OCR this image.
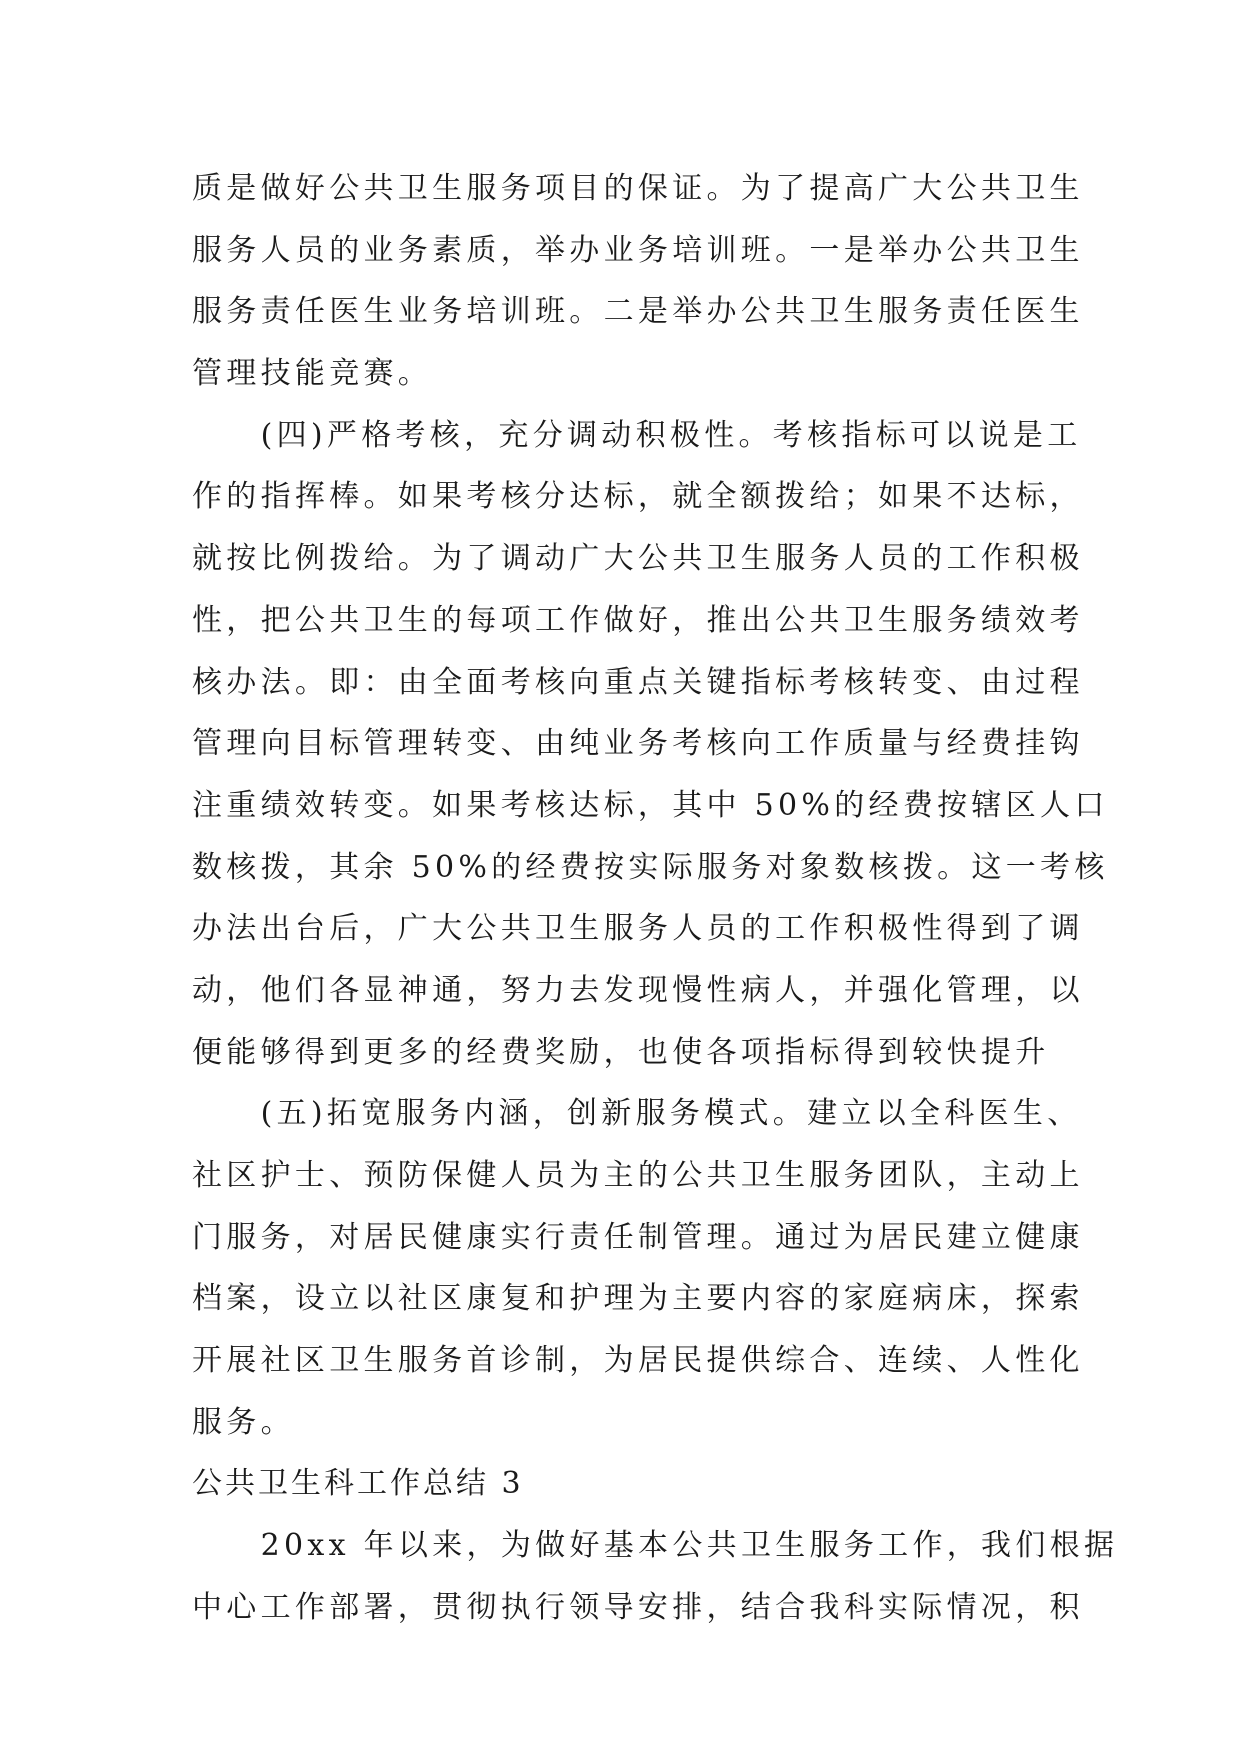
质是做好公共卫生服务项目的保证。为了提高广大公共卫生
服务人员的业务素质，举办业务培训班。一是举办公共卫生
服务责任医生业务培训班。二是举办公共卫生服务责任医生
管理技能竞赛。
　　(四)严格考核，充分调动积极性。考核指标可以说是工
作的指挥棒。如果考核分达标，就全额拨给；如果不达标，
就按比例拨给。为了调动广大公共卫生服务人员的工作积极
性，把公共卫生的每项工作做好，推出公共卫生服务绩效考
核办法。即：由全面考核向重点关键指标考核转变、由过程
管理向目标管理转变、由纯业务考核向工作质量与经费挂钩
注重绩效转变。如果考核达标，其中 50%的经费按辖区人口
数核拨，其余 50%的经费按实际服务对象数核拨。这一考核
办法出台后，广大公共卫生服务人员的工作积极性得到了调
动，他们各显神通，努力去发现慢性病人，并强化管理，以
便能够得到更多的经费奖励，也使各项指标得到较快提升
　　(五)拓宽服务内涵，创新服务模式。建立以全科医生、
社区护士、预防保健人员为主的公共卫生服务团队，主动上
门服务，对居民健康实行责任制管理。通过为居民建立健康
档案，设立以社区康复和护理为主要内容的家庭病床，探索
开展社区卫生服务首诊制，为居民提供综合、连续、人性化
服务。
公共卫生科工作总结 3
　　20xx 年以来，为做好基本公共卫生服务工作，我们根据
中心工作部署，贯彻执行领导安排，结合我科实际情况，积
